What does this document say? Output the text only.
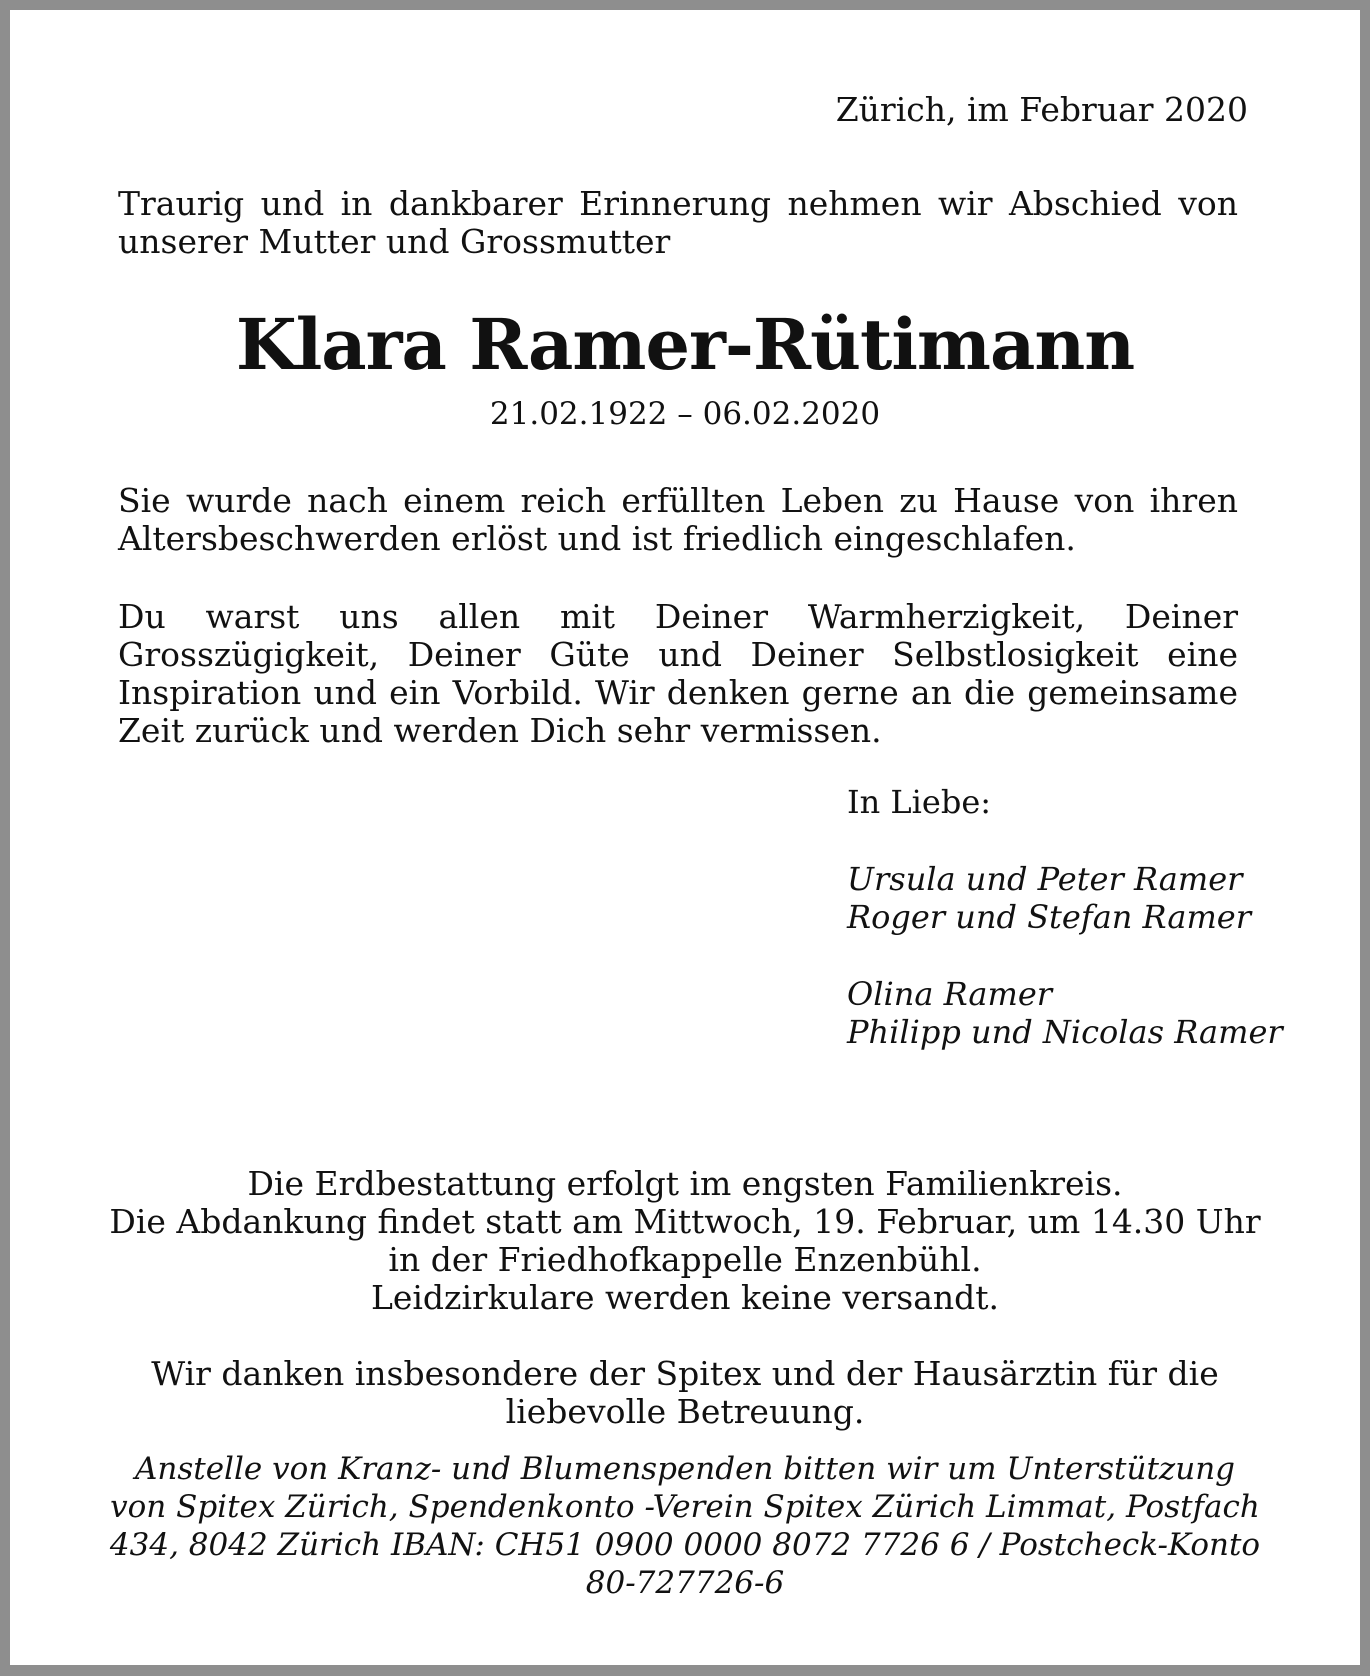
Zürich, im Februar 2020

Traurig und in dankbarer Erinnerung nehmen wir Abschied von unserer Mutter und Grossmutter

Klara Ramer-Rütimann

21.02.1922 – 06.02.2020

Sie wurde nach einem reich erfüllten Leben zu Hause von ihren Altersbeschwerden erlöst und ist friedlich eingeschlafen.

Du warst uns allen mit Deiner Warmherzigkeit, Deiner Grosszügigkeit, Deiner Güte und Deiner Selbstlosigkeit eine Inspiration und ein Vorbild. Wir denken gerne an die gemeinsame Zeit zurück und werden Dich sehr vermissen.

In Liebe:

Ursula und Peter Ramer
Roger und Stefan Ramer
Olina Ramer
Philipp und Nicolas Ramer
Die Erdbestattung erfolgt im engsten Familienkreis.
Die Abdankung findet statt am Mittwoch, 19. Februar, um 14.30 Uhr
in der Friedhofkappelle Enzenbühl.
Leidzirkulare werden keine versandt.
Wir danken insbesondere der Spitex und der Hausärztin für die
liebevolle Betreuung.
Anstelle von Kranz- und Blumenspenden bitten wir um Unterstützung
von Spitex Zürich, Spendenkonto -Verein Spitex Zürich Limmat, Postfach
434, 8042 Zürich IBAN: CH51 0900 0000 8072 7726 6 / Postcheck-Konto
80-727726-6
